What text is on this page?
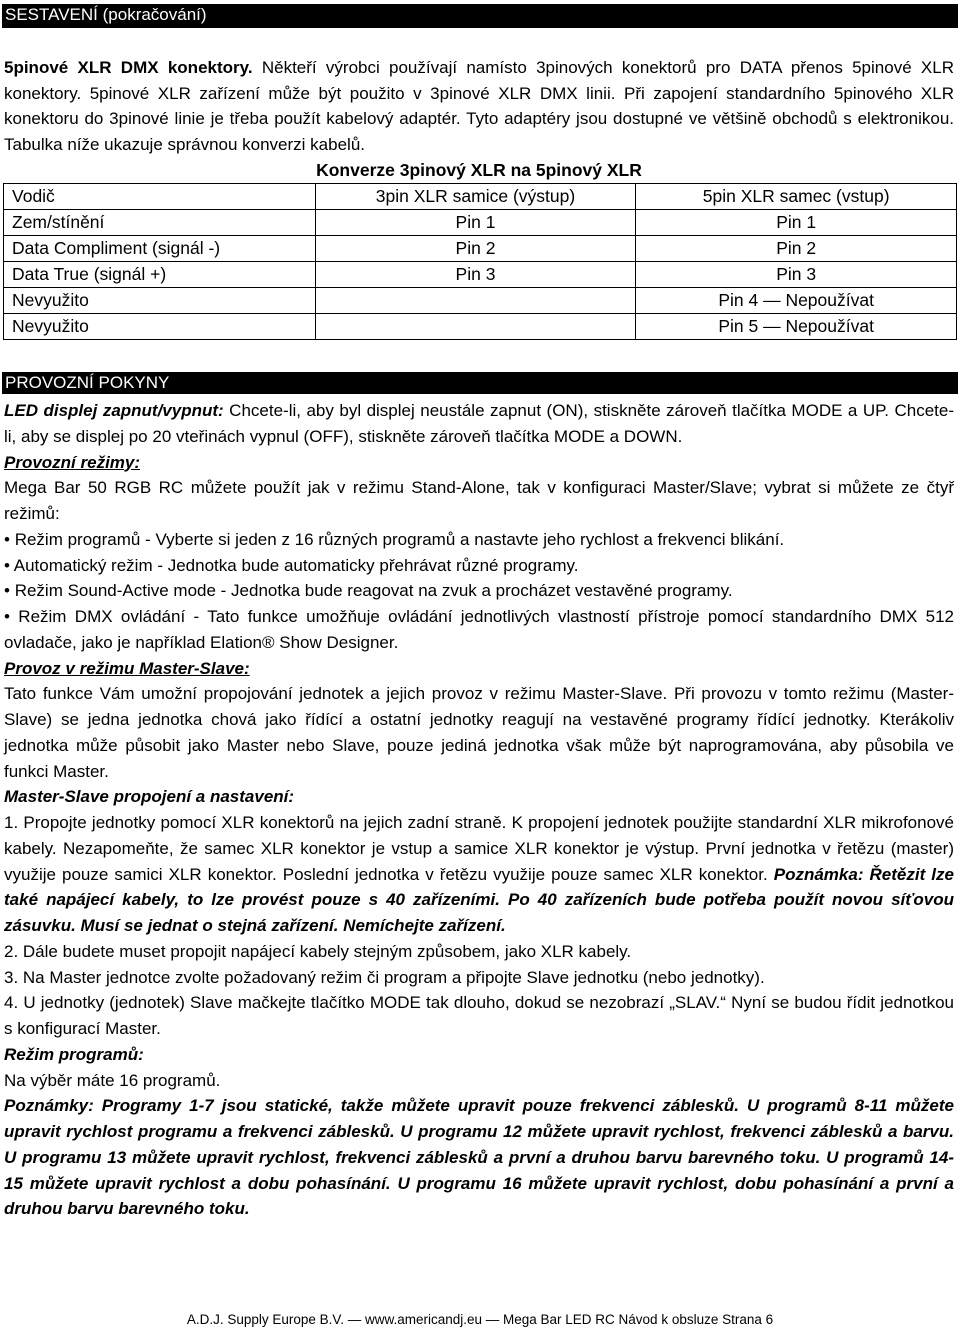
SESTAVENÍ (pokračování)
5pinové XLR DMX konektory. Někteří výrobci používají namísto 3pinových konektorů pro DATA přenos 5pinové XLR konektory. 5pinové XLR zařízení může být použito v 3pinové XLR DMX linii. Při zapojení standardního 5pinového XLR konektoru do 3pinové linie je třeba použít kabelový adaptér. Tyto adaptéry jsou dostupné ve většině obchodů s elektronikou. Tabulka níže ukazuje správnou konverzi kabelů.
Konverze 3pinový XLR na 5pinový XLR
Vodič	3pin XLR samice (výstup)	5pin XLR samec (vstup)
Zem/stínění	Pin 1	Pin 1
Data Compliment (signál -)	Pin 2	Pin 2
Data True (signál +)	Pin 3	Pin 3
Nevyužito		Pin 4 — Nepoužívat
Nevyužito		Pin 5 — Nepoužívat
PROVOZNÍ POKYNY

LED displej zapnut/vypnut: Chcete-li, aby byl displej neustále zapnut (ON), stiskněte zároveň tlačítka MODE a UP. Chcete-li, aby se displej po 20 vteřinách vypnul (OFF), stiskněte zároveň tlačítka MODE a DOWN.

Provozní režimy:

Mega Bar 50 RGB RC můžete použít jak v režimu Stand-Alone, tak v konfiguraci Master/Slave; vybrat si můžete ze čtyř režimů:

• Režim programů - Vyberte si jeden z 16 různých programů a nastavte jeho rychlost a frekvenci blikání.

• Automatický režim - Jednotka bude automaticky přehrávat různé programy.

• Režim Sound-Active mode - Jednotka bude reagovat na zvuk a procházet vestavěné programy.

• Režim DMX ovládání - Tato funkce umožňuje ovládání jednotlivých vlastností přístroje pomocí standardního DMX 512 ovladače, jako je například Elation® Show Designer.

Provoz v režimu Master-Slave:

Tato funkce Vám umožní propojování jednotek a jejich provoz v režimu Master-Slave. Při provozu v tomto režimu (Master-Slave) se jedna jednotka chová jako řídící a ostatní jednotky reagují na vestavěné programy řídící jednotky. Kterákoliv jednotka může působit jako Master nebo Slave, pouze jediná jednotka však může být naprogramována, aby působila ve funkci Master.

Master-Slave propojení a nastavení:

1. Propojte jednotky pomocí XLR konektorů na jejich zadní straně. K propojení jednotek použijte standardní XLR mikrofonové kabely. Nezapomeňte, že samec XLR konektor je vstup a samice XLR konektor je výstup. První jednotka v řetězu (master) využije pouze samici XLR konektor. Poslední jednotka v řetězu využije pouze samec XLR konektor. Poznámka: Řetězit lze také napájecí kabely, to lze provést pouze s 40 zařízeními. Po 40 zařízeních bude potřeba použít novou síťovou zásuvku. Musí se jednat o stejná zařízení. Nemíchejte zařízení.

2. Dále budete muset propojit napájecí kabely stejným způsobem, jako XLR kabely.

3. Na Master jednotce zvolte požadovaný režim či program a připojte Slave jednotku (nebo jednotky).

4. U jednotky (jednotek) Slave mačkejte tlačítko MODE tak dlouho, dokud se nezobrazí „SLAV.“ Nyní se budou řídit jednotkou s konfigurací Master.

Režim programů:

Na výběr máte 16 programů.

Poznámky: Programy 1-7 jsou statické, takže můžete upravit pouze frekvenci záblesků. U programů 8-11 můžete upravit rychlost programu a frekvenci záblesků. U programu 12 můžete upravit rychlost, frekvenci záblesků a barvu. U programu 13 můžete upravit rychlost, frekvenci záblesků a první a druhou barvu barevného toku. U programů 14-15 můžete upravit rychlost a dobu pohasínání. U programu 16 můžete upravit rychlost, dobu pohasínání a první a druhou barvu barevného toku.

A.D.J. Supply Europe B.V. — www.americandj.eu — Mega Bar LED RC Návod k obsluze Strana 6
